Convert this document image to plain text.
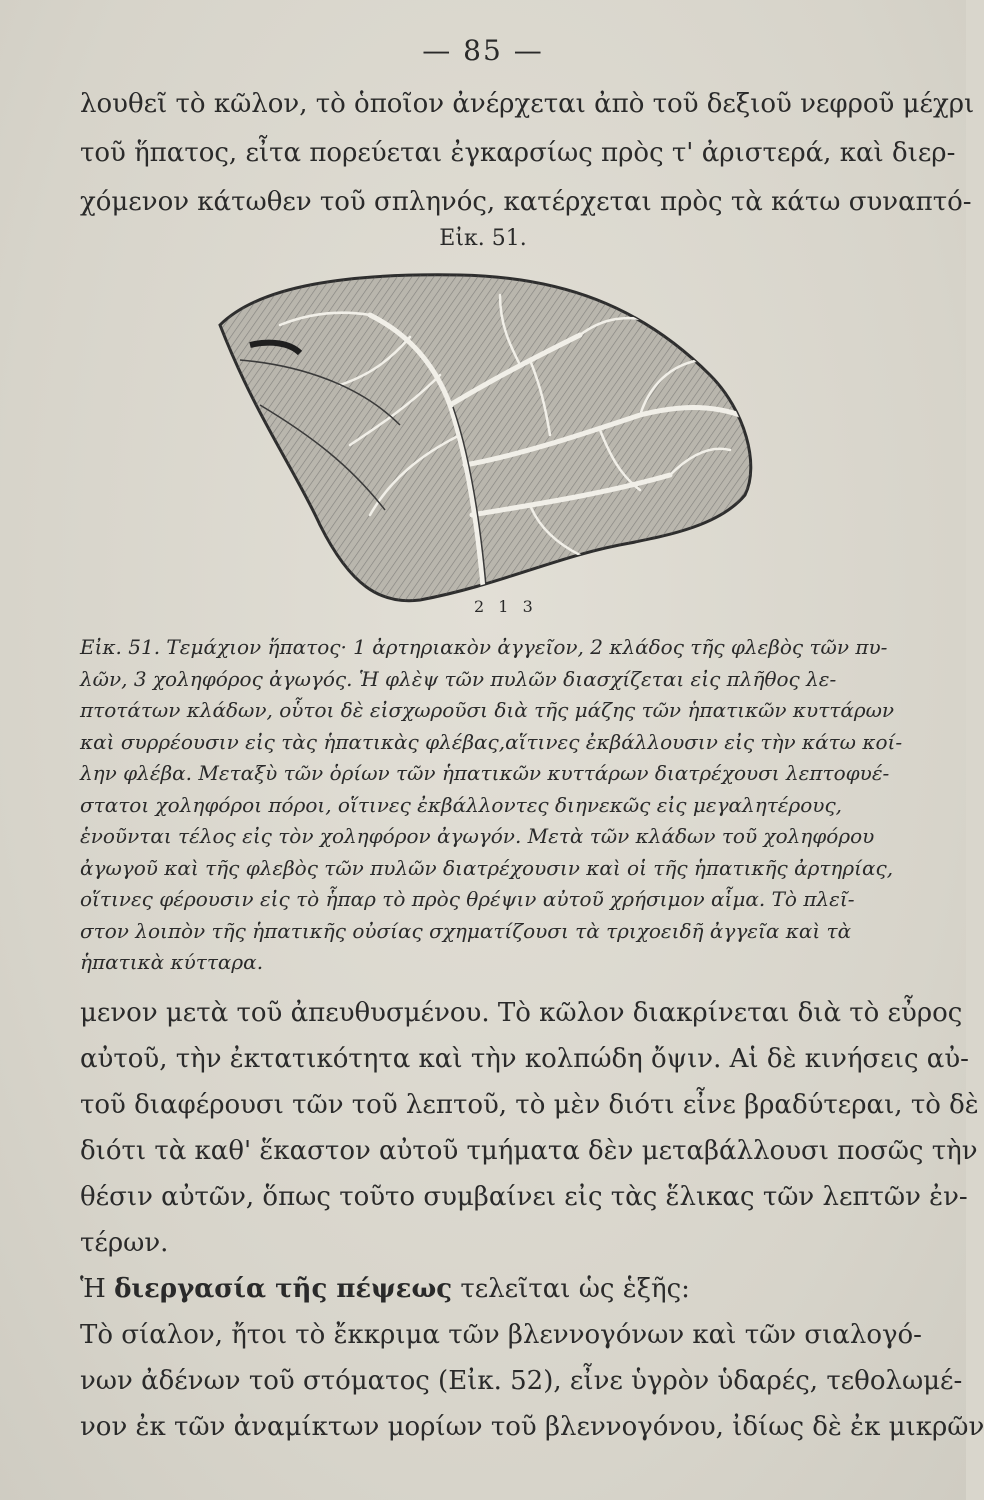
— 85 —
λουθεῖ τὸ κῶλον, τὸ ὁποῖον ἀνέρχεται ἀπὸ τοῦ δεξιοῦ νεφροῦ μέχρι
τοῦ ἥπατος, εἶτα πορεύεται ἐγκαρσίως πρὸς τ' ἀριστερά, καὶ διερ-
χόμενον κάτωθεν τοῦ σπληνός, κατέρχεται πρὸς τὰ κάτω συναπτό-
Εἰκ. 51.
2 1 3
Εἰκ. 51. Τεμάχιον ἥπατος· 1 ἀρτηριακὸν ἀγγεῖον, 2 κλάδος τῆς φλεβὸς τῶν πυ-
λῶν, 3 χοληφόρος ἀγωγός. Ἡ φλὲψ τῶν πυλῶν διασχίζεται εἰς πλῆθος λε-
πτοτάτων κλάδων, οὗτοι δὲ εἰσχωροῦσι διὰ τῆς μάζης τῶν ἡπατικῶν κυττάρων
καὶ συρρέουσιν εἰς τὰς ἡπατικὰς φλέβας,αἵτινες ἐκβάλλουσιν εἰς τὴν κάτω κοί-
λην φλέβα. Μεταξὺ τῶν ὁρίων τῶν ἡπατικῶν κυττάρων διατρέχουσι λεπτοφυέ-
στατοι χοληφόροι πόροι, οἵτινες ἐκβάλλοντες διηνεκῶς εἰς μεγαλητέρους,
ἑνοῦνται τέλος εἰς τὸν χοληφόρον ἀγωγόν. Μετὰ τῶν κλάδων τοῦ χοληφόρου
ἀγωγοῦ καὶ τῆς φλεβὸς τῶν πυλῶν διατρέχουσιν καὶ οἱ τῆς ἡπατικῆς ἀρτηρίας,
οἵτινες φέρουσιν εἰς τὸ ἧπαρ τὸ πρὸς θρέψιν αὐτοῦ χρήσιμον αἷμα. Τὸ πλεῖ-
στον λοιπὸν τῆς ἡπατικῆς οὐσίας σχηματίζουσι τὰ τριχοειδῆ ἀγγεῖα καὶ τὰ
ἡπατικὰ κύτταρα.
μενον μετὰ τοῦ ἀπευθυσμένου. Τὸ κῶλον διακρίνεται διὰ τὸ εὖρος
αὐτοῦ, τὴν ἐκτατικότητα καὶ τὴν κολπώδη ὄψιν. Αἱ δὲ κινήσεις αὐ-
τοῦ διαφέρουσι τῶν τοῦ λεπτοῦ, τὸ μὲν διότι εἶνε βραδύτεραι, τὸ δὲ
διότι τὰ καθ' ἕκαστον αὐτοῦ τμήματα δὲν μεταβάλλουσι ποσῶς τὴν
θέσιν αὐτῶν, ὅπως τοῦτο συμβαίνει εἰς τὰς ἕλικας τῶν λεπτῶν ἐν-
τέρων.
Ἡ διεργασία τῆς πέψεως τελεῖται ὡς ἑξῆς:
Τὸ σίαλον, ἤτοι τὸ ἔκκριμα τῶν βλεννογόνων καὶ τῶν σιαλογό-
νων ἀδένων τοῦ στόματος (Εἰκ. 52), εἶνε ὑγρὸν ὑδαρές, τεθολωμέ-
νον ἐκ τῶν ἀναμίκτων μορίων τοῦ βλεννογόνου, ἰδίως δὲ ἐκ μικρῶν
